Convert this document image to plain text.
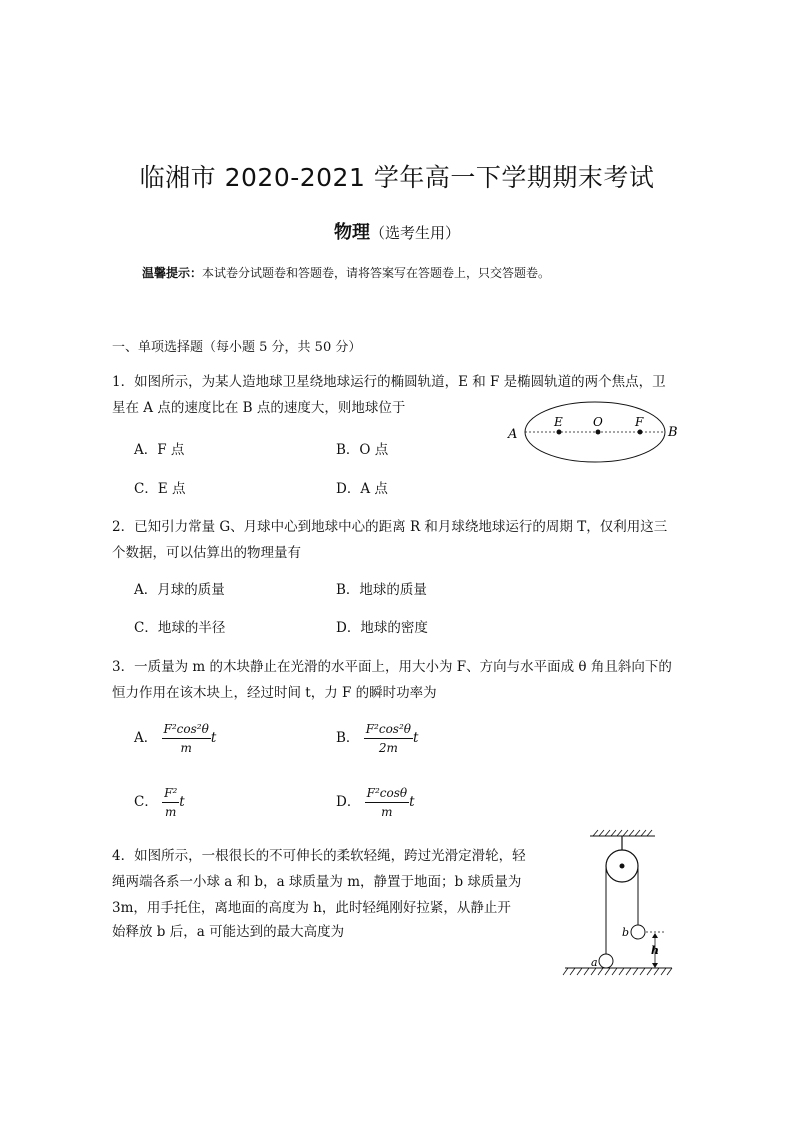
临湘市 2020-2021 学年高一下学期期末考试
物理（选考生用）
温馨提示：本试卷分试题卷和答题卷，请将答案写在答题卷上，只交答题卷。
一、单项选择题（每小题 5 分，共 50 分）
1．如图所示，为某人造地球卫星绕地球运行的椭圆轨道，E 和 F 是椭圆轨道的两个焦点，卫
星在 A 点的速度比在 B 点的速度大，则地球位于
A．F 点	B．O 点
C．E 点	D．A 点
A	B
E	O	F
2．已知引力常量 G、月球中心到地球中心的距离 R 和月球绕地球运行的周期 T，仅利用这三
个数据，可以估算出的物理量有
A．月球的质量	B．地球的质量
C．地球的半径	D．地球的密度
3．一质量为 m 的木块静止在光滑的水平面上，用大小为 F、方向与水平面成 θ 角且斜向下的
恒力作用在该木块上，经过时间 t，力 F 的瞬时功率为
A． $\frac{\text{F²cos²θ}}{m}$ t	B． $\frac{\text{F²cos²θ}}{2m}$ t
C． $\frac{\text{F²}}{m}$ t	D． $\frac{\text{F²cosθ}}{m}$ t
4．如图所示，一根很长的不可伸长的柔软轻绳，跨过光滑定滑轮，轻
绳两端各系一小球 a 和 b，a 球质量为 m，静置于地面；b 球质量为
3m，用手托住，离地面的高度为 h，此时轻绳刚好拉紧，从静止开
始释放 b 后，a 可能达到的最大高度为	b
a
h
